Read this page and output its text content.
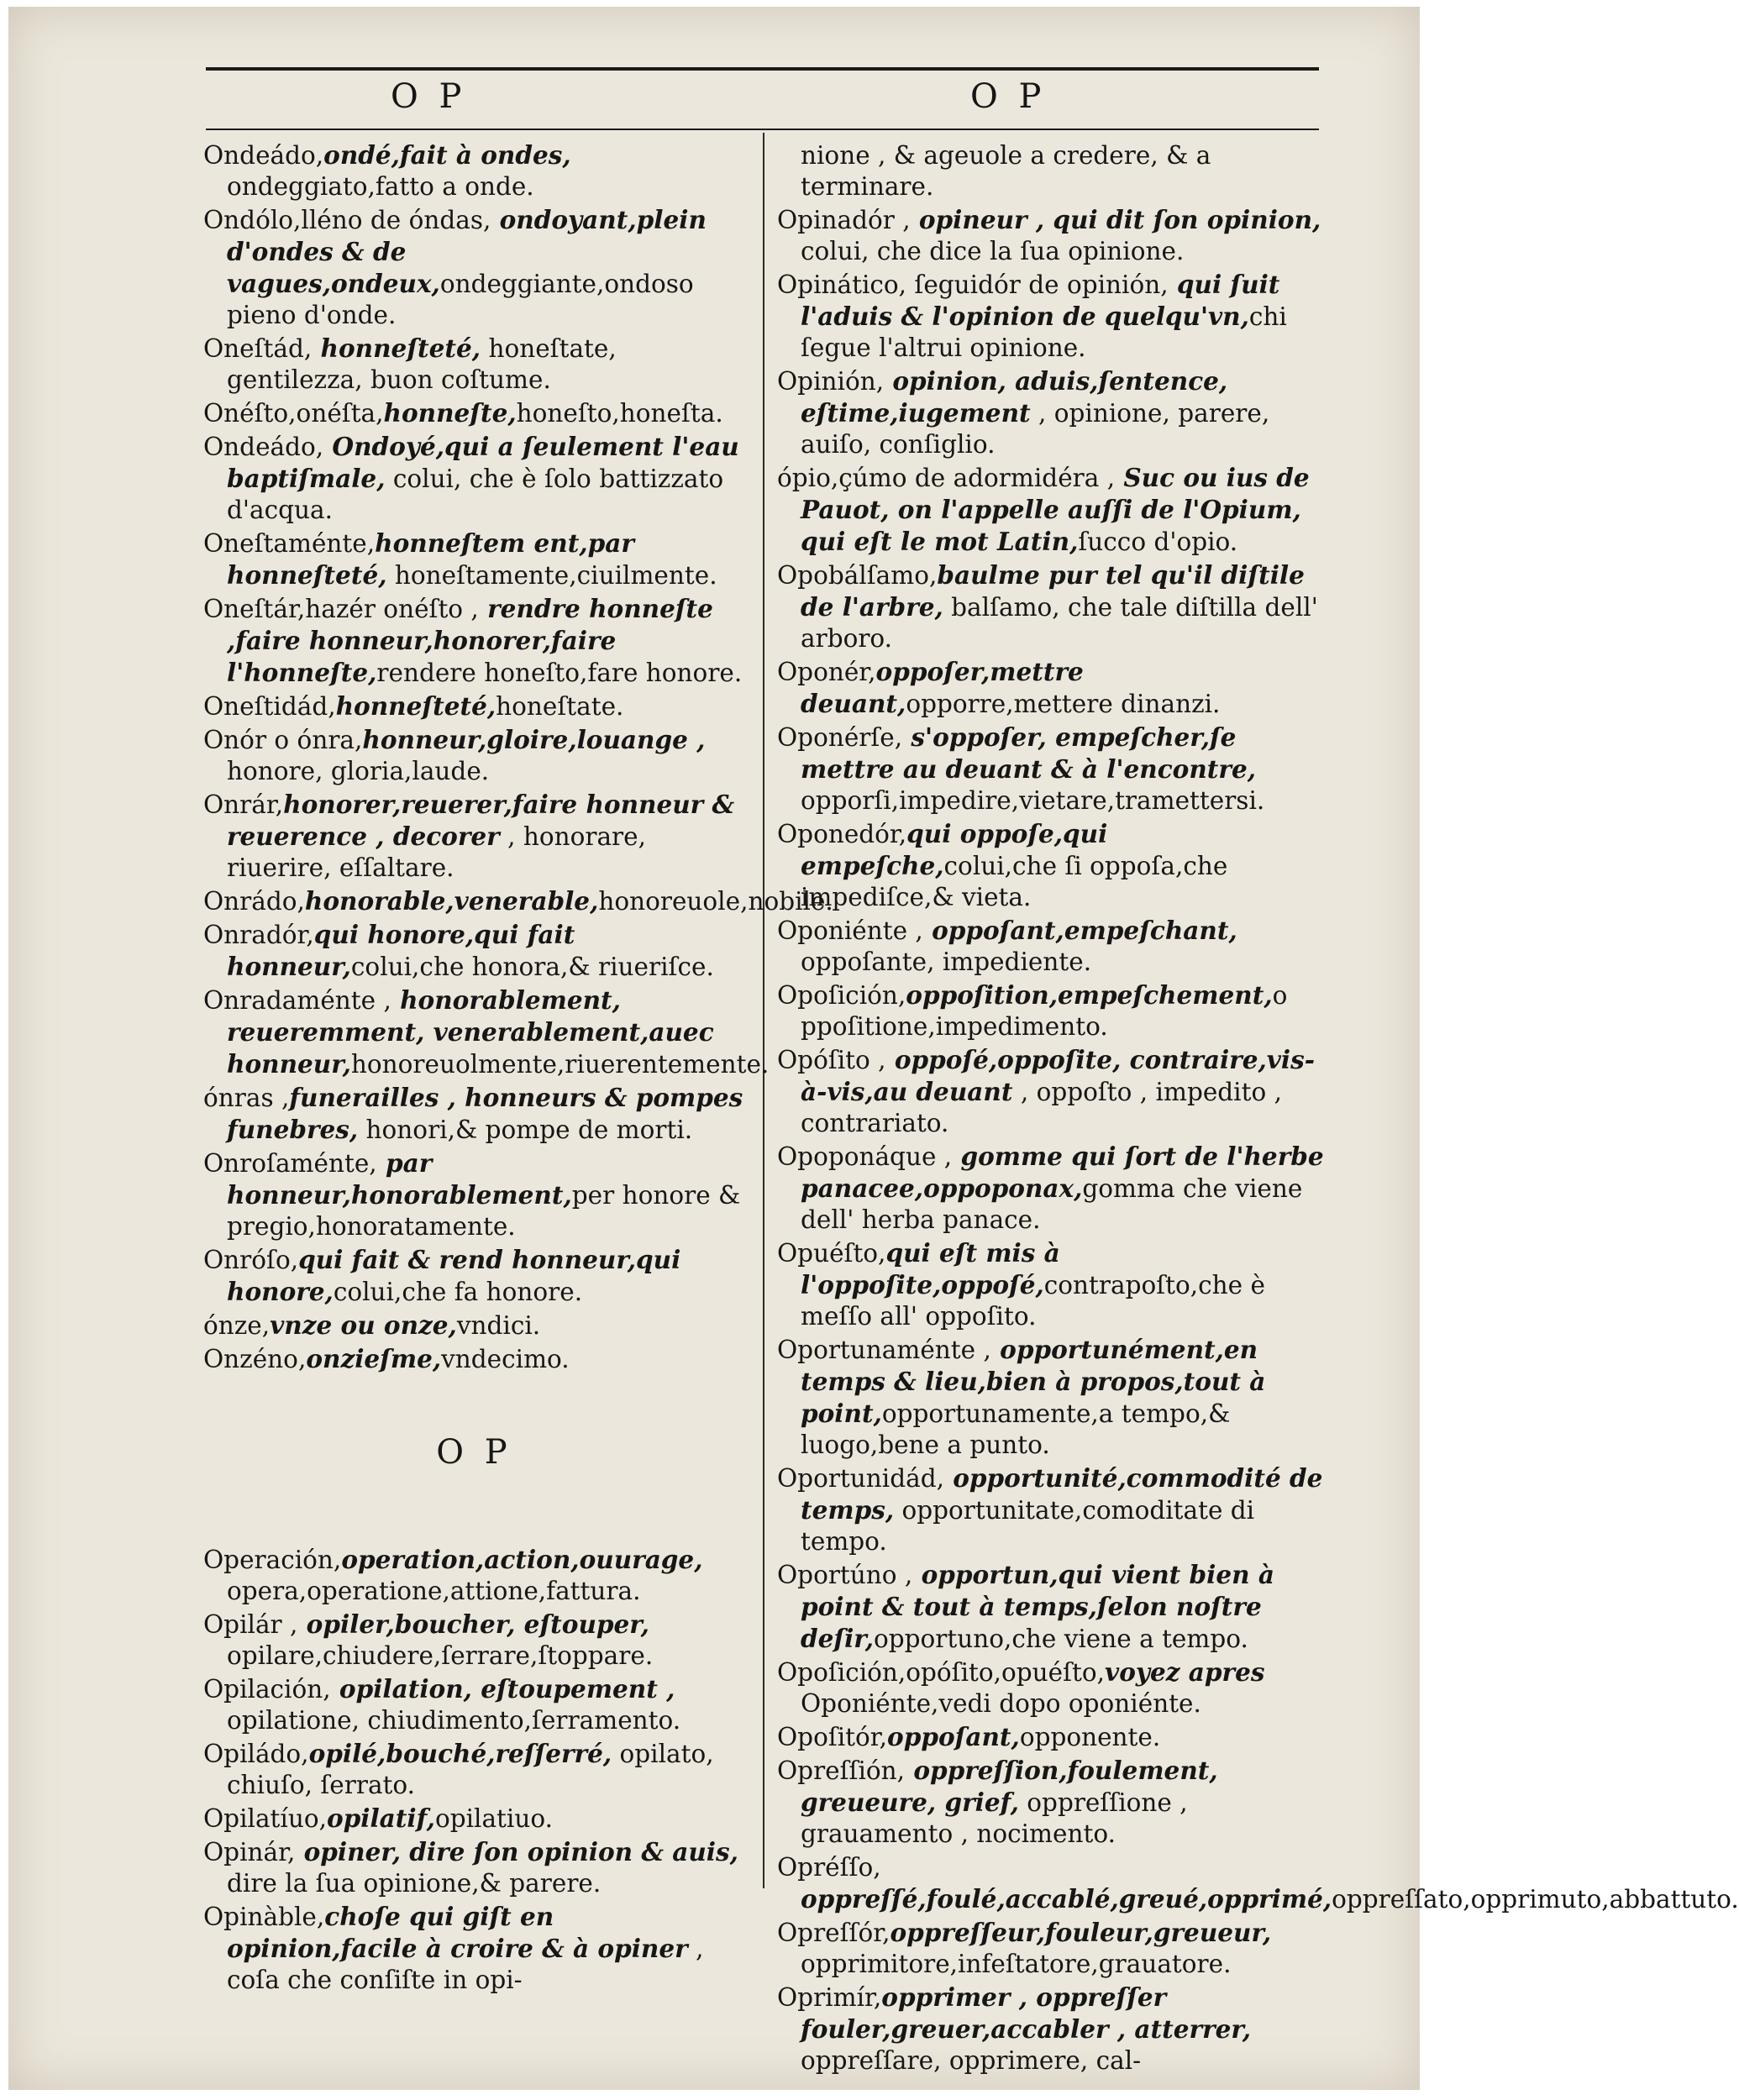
O P	O P
Ondeádo,ondé,fait à ondes, ondeggiato,fatto a onde.
Ondólo,lléno de óndas, ondoyant,plein d'ondes & de vagues,ondeux,ondeggiante,ondoso pieno d'onde.
Oneſtád, honneſteté, honeſtate, gentilezza, buon coſtume.
Onéſto,onéſta,honneſte,honeſto,honeſta.
Ondeádo, Ondoyé,qui a ſeulement l'eau baptiſmale, colui, che è ſolo battizzato d'acqua.
Oneſtaménte,honneſtem ent,par honneſteté, honeſtamente,ciuilmente.
Oneſtár,hazér onéſto , rendre honneſte ,faire honneur,honorer,faire l'honneſte,rendere honeſto,fare honore.
Oneſtidád,honneſteté,honeſtate.
Onór o ónra,honneur,gloire,louange , honore, gloria,laude.
Onrár,honorer,reuerer,faire honneur & reuerence , decorer , honorare, riuerire, eſſaltare.
Onrádo,honorable,venerable,honoreuole,nobile.
Onradór,qui honore,qui fait honneur,colui,che honora,& riueriſce.
Onradaménte , honorablement, reueremment, venerablement,auec honneur,honoreuolmente,riuerentemente.
ónras ,funerailles , honneurs & pompes funebres, honori,& pompe de morti.
Onroſaménte, par honneur,honorablement,per honore & pregio,honoratamente.
Onróſo,qui fait & rend honneur,qui honore,colui,che fa honore.
ónze,vnze ou onze,vndici.
Onzéno,onzieſme,vndecimo.
O P
Operación,operation,action,ouurage, opera,operatione,attione,fattura.
Opilár , opiler,boucher, eſtouper, opilare,chiudere,ſerrare,ſtoppare.
Opilación, opilation, eſtoupement , opilatione, chiudimento,ſerramento.
Opiládo,opilé,bouché,reſſerré, opilato, chiuſo, ſerrato.
Opilatíuo,opilatif,opilatiuo.
Opinár, opiner, dire ſon opinion & auis, dire la ſua opinione,& parere.
Opinàble,choſe qui giſt en opinion,facile à croire & à opiner , coſa che conſiſte in opi-
nione , & ageuole a credere, & a terminare.
Opinadór , opineur , qui dit ſon opinion, colui, che dice la ſua opinione.
Opinático, ſeguidór de opinión, qui ſuit l'aduis & l'opinion de quelqu'vn,chi ſegue l'altrui opinione.
Opinión, opinion, aduis,ſentence, eſtime,iugement , opinione, parere, auiſo, conſiglio.
ópio,çúmo de adormidéra , Suc ou ius de Pauot, on l'appelle auſſi de l'Opium, qui eſt le mot Latin,ſucco d'opio.
Opobálſamo,baulme pur tel qu'il diſtile de l'arbre, balſamo, che tale diſtilla dell' arboro.
Oponér,oppoſer,mettre deuant,opporre,mettere dinanzi.
Oponérſe, s'oppoſer, empeſcher,ſe mettre au deuant & à l'encontre, opporſi,impedire,vietare,tramettersi.
Oponedór,qui oppoſe,qui empeſche,colui,che ſi oppoſa,che impediſce,& vieta.
Oponiénte , oppoſant,empeſchant, oppoſante, impediente.
Opoſición,oppoſition,empeſchement,o ppoſitione,impedimento.
Opóſito , oppoſé,oppoſite, contraire,vis-à-vis,au deuant , oppoſto , impedito , contrariato.
Opoponáque , gomme qui ſort de l'herbe panacee,oppoponax,gomma che viene dell' herba panace.
Opuéſto,qui eſt mis à l'oppoſite,oppoſé,contrapoſto,che è meſſo all' oppoſito.
Oportunaménte , opportunément,en temps & lieu,bien à propos,tout à point,opportunamente,a tempo,& luogo,bene a punto.
Oportunidád, opportunité,commodité de temps, opportunitate,comoditate di tempo.
Oportúno , opportun,qui vient bien à point & tout à temps,ſelon noſtre deſir,opportuno,che viene a tempo.
Opoſición,opóſito,opuéſto,voyez apres Oponiénte,vedi dopo oponiénte.
Opoſitór,oppoſant,opponente.
Opreſſión, oppreſſion,foulement, greueure, grief, oppreſſione , grauamento , nocimento.
Opréſſo, oppreſſé,foulé,accablé,greué,opprimé,oppreſſato,opprimuto,abbattuto.
Opreſſór,oppreſſeur,fouleur,greueur, opprimitore,infeſtatore,grauatore.
Oprimír,opprimer , oppreſſer fouler,greuer,accabler , atterrer, oppreſſare, opprimere, cal-
